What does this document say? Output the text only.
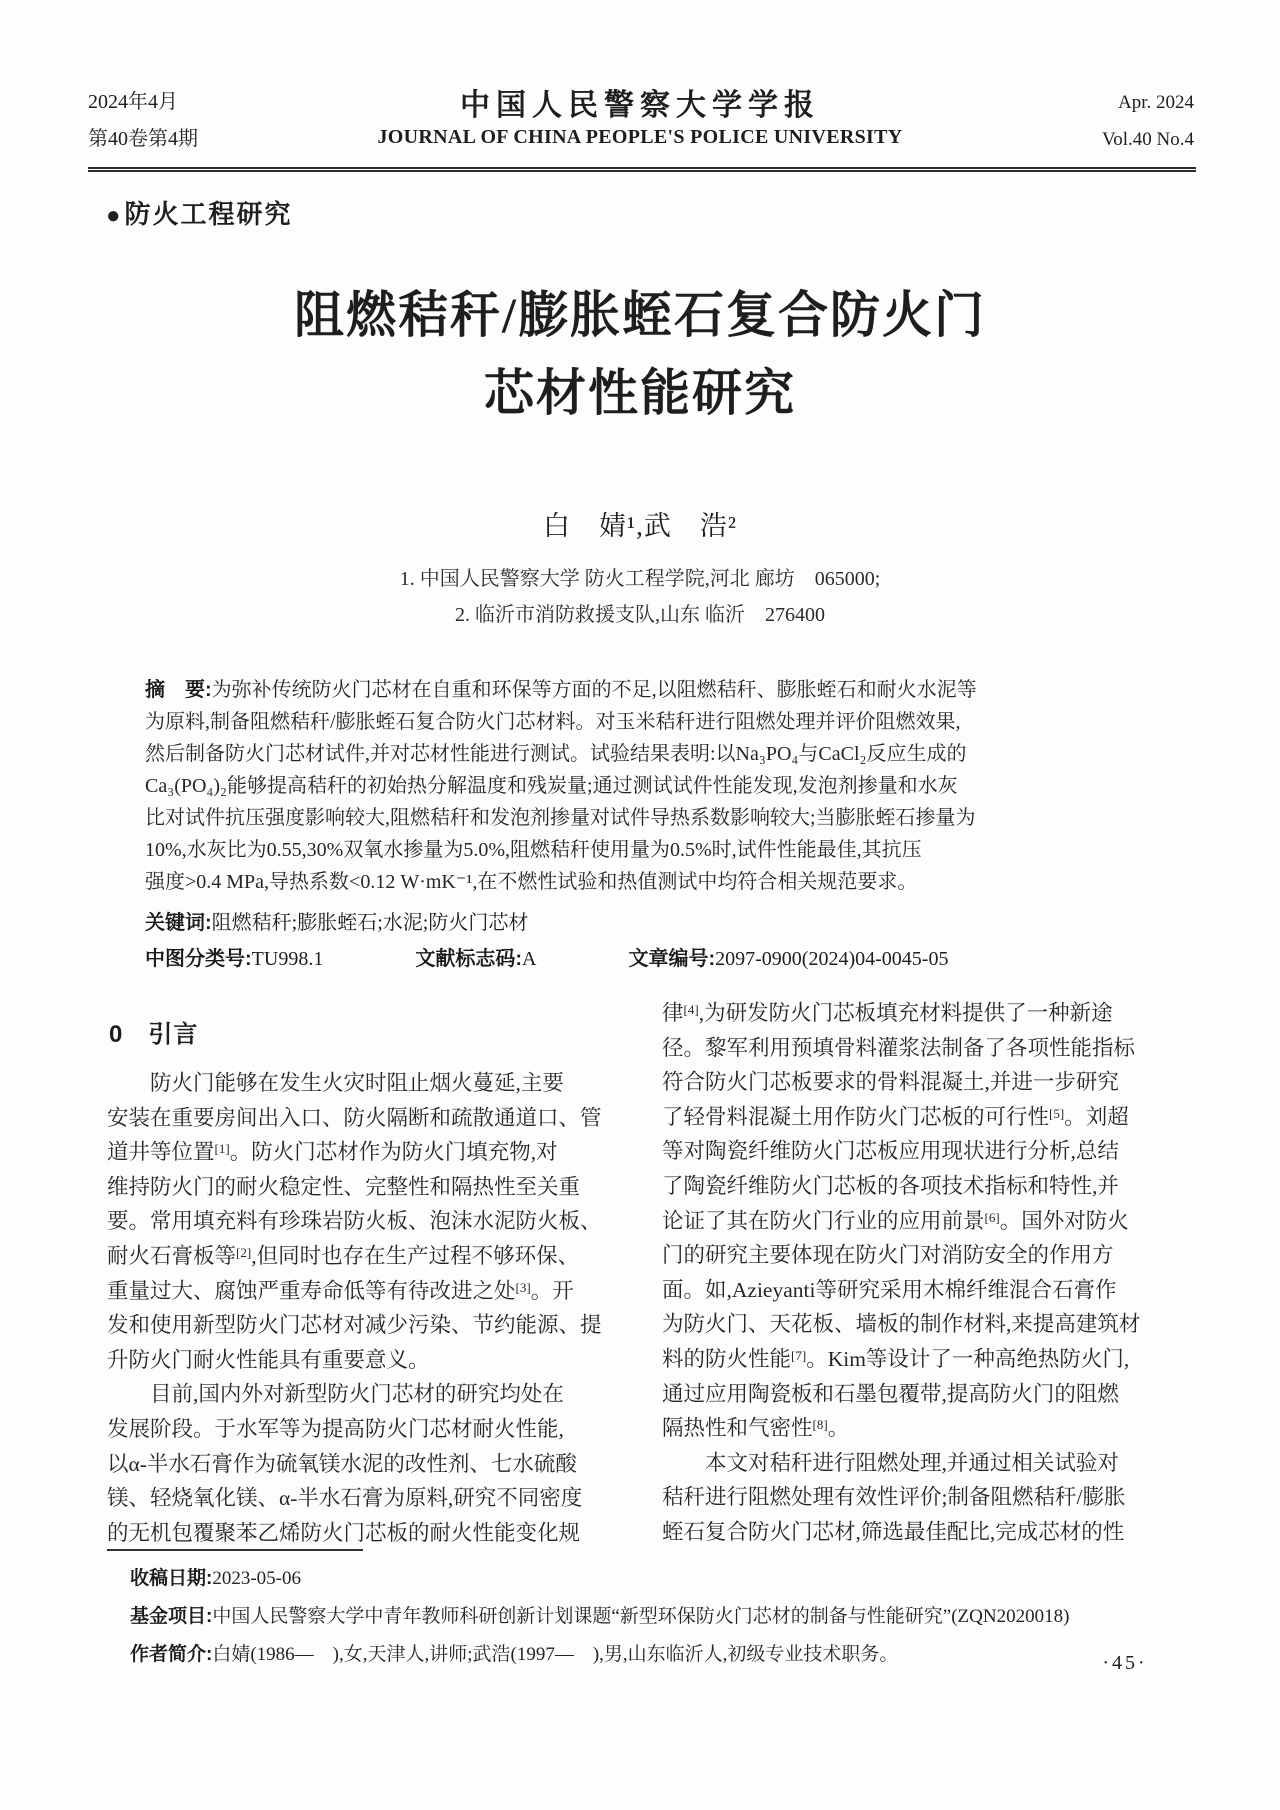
2024年4月
第40卷第4期
中国人民警察大学学报
JOURNAL OF CHINA PEOPLE'S POLICE UNIVERSITY
Apr. 2024
Vol.40 No.4
●防火工程研究
阻燃秸秆/膨胀蛭石复合防火门
芯材性能研究
白　婧¹,武　浩²
1. 中国人民警察大学 防火工程学院,河北 廊坊　065000;
2. 临沂市消防救援支队,山东 临沂　276400
摘　要:为弥补传统防火门芯材在自重和环保等方面的不足,以阻燃秸秆、膨胀蛭石和耐火水泥等
为原料,制备阻燃秸秆/膨胀蛭石复合防火门芯材料。对玉米秸秆进行阻燃处理并评价阻燃效果,
然后制备防火门芯材试件,并对芯材性能进行测试。试验结果表明:以Na₃PO₄与CaCl₂反应生成的
Ca₃(PO₄)₂能够提高秸秆的初始热分解温度和残炭量;通过测试试件性能发现,发泡剂掺量和水灰
比对试件抗压强度影响较大,阻燃秸秆和发泡剂掺量对试件导热系数影响较大;当膨胀蛭石掺量为
10%,水灰比为0.55,30%双氧水掺量为5.0%,阻燃秸秆使用量为0.5%时,试件性能最佳,其抗压
强度>0.4 MPa,导热系数<0.12 W·mK⁻¹,在不燃性试验和热值测试中均符合相关规范要求。
关键词:阻燃秸秆;膨胀蛭石;水泥;防火门芯材
中图分类号:TU998.1	文献标志码:A	文章编号:2097-0900(2024)04-0045-05
0　引言
　　防火门能够在发生火灾时阻止烟火蔓延,主要
安装在重要房间出入口、防火隔断和疏散通道口、管
道井等位置[1]。防火门芯材作为防火门填充物,对
维持防火门的耐火稳定性、完整性和隔热性至关重
要。常用填充料有珍珠岩防火板、泡沫水泥防火板、
耐火石膏板等[2],但同时也存在生产过程不够环保、
重量过大、腐蚀严重寿命低等有待改进之处[3]。开
发和使用新型防火门芯材对减少污染、节约能源、提
升防火门耐火性能具有重要意义。
　　目前,国内外对新型防火门芯材的研究均处在
发展阶段。于水军等为提高防火门芯材耐火性能,
以α-半水石膏作为硫氧镁水泥的改性剂、七水硫酸
镁、轻烧氧化镁、α-半水石膏为原料,研究不同密度
的无机包覆聚苯乙烯防火门芯板的耐火性能变化规
律[4],为研发防火门芯板填充材料提供了一种新途
径。黎军利用预填骨料灌浆法制备了各项性能指标
符合防火门芯板要求的骨料混凝土,并进一步研究
了轻骨料混凝土用作防火门芯板的可行性[5]。刘超
等对陶瓷纤维防火门芯板应用现状进行分析,总结
了陶瓷纤维防火门芯板的各项技术指标和特性,并
论证了其在防火门行业的应用前景[6]。国外对防火
门的研究主要体现在防火门对消防安全的作用方
面。如,Azieyanti等研究采用木棉纤维混合石膏作
为防火门、天花板、墙板的制作材料,来提高建筑材
料的防火性能[7]。Kim等设计了一种高绝热防火门,
通过应用陶瓷板和石墨包覆带,提高防火门的阻燃
隔热性和气密性[8]。
　　本文对秸秆进行阻燃处理,并通过相关试验对
秸秆进行阻燃处理有效性评价;制备阻燃秸秆/膨胀
蛭石复合防火门芯材,筛选最佳配比,完成芯材的性
收稿日期:2023-05-06
基金项目:中国人民警察大学中青年教师科研创新计划课题“新型环保防火门芯材的制备与性能研究”(ZQN2020018)
作者简介:白婧(1986—　),女,天津人,讲师;武浩(1997—　),男,山东临沂人,初级专业技术职务。	·45·
